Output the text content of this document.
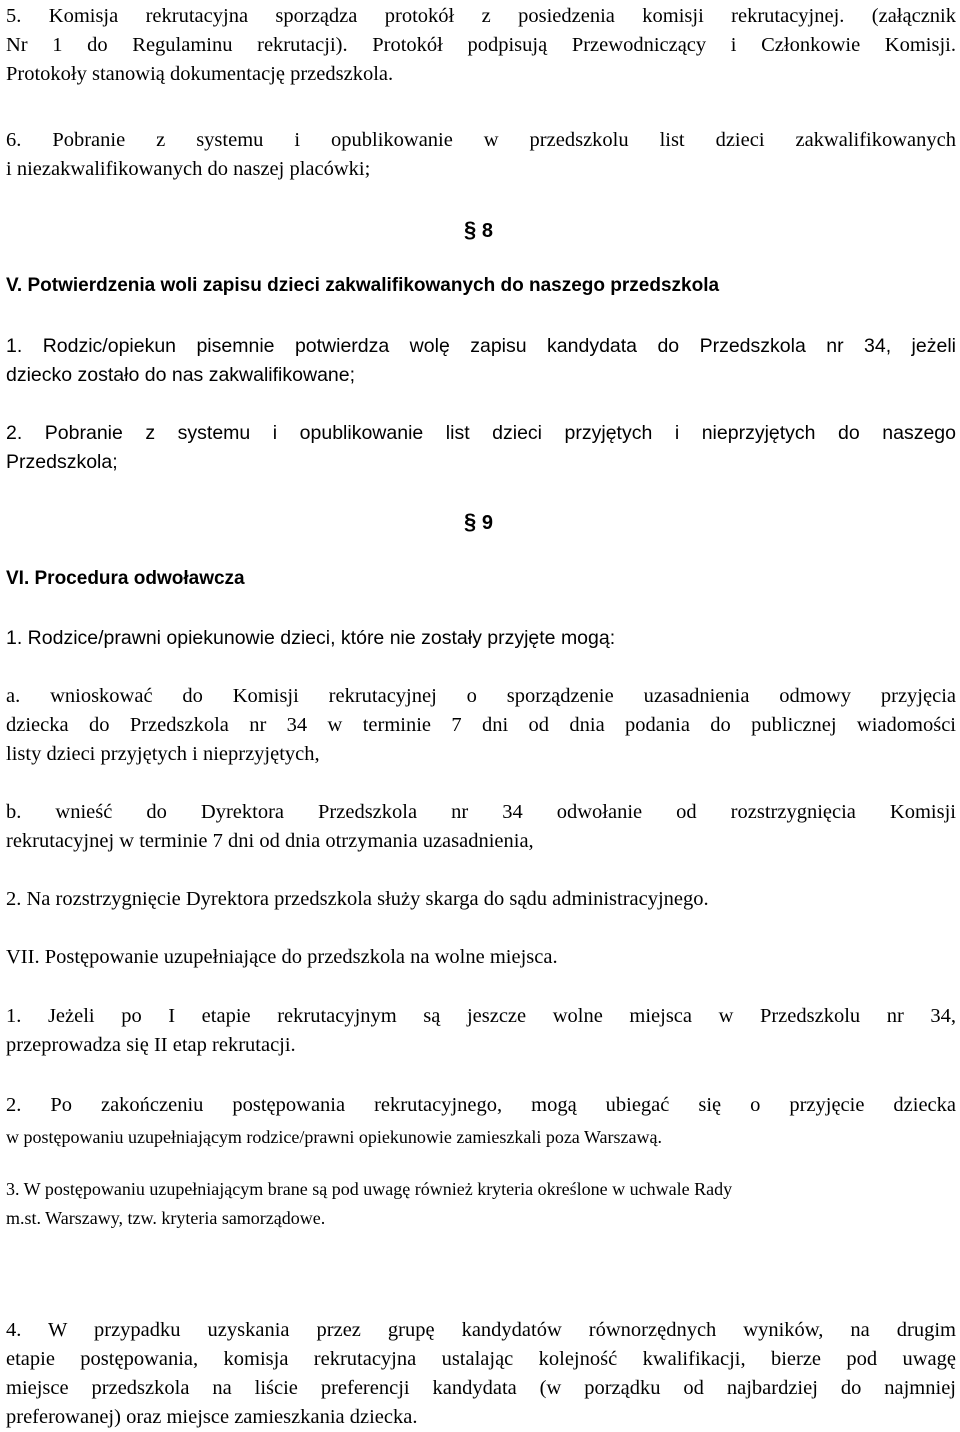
5. Komisja rekrutacyjna sporządza protokół z posiedzenia komisji rekrutacyjnej. (załącznik
Nr 1 do Regulaminu rekrutacji). Protokół podpisują Przewodniczący i Członkowie Komisji.
Protokoły stanowią dokumentację przedszkola.
6. Pobranie z systemu i opublikowanie w przedszkolu list dzieci zakwalifikowanych
i niezakwalifikowanych do naszej placówki;
§ 8
V. Potwierdzenia woli zapisu dzieci zakwalifikowanych do naszego przedszkola
1. Rodzic/opiekun pisemnie potwierdza wolę zapisu kandydata do Przedszkola nr 34, jeżeli
dziecko zostało do nas zakwalifikowane;
2. Pobranie z systemu i opublikowanie list dzieci przyjętych i nieprzyjętych do naszego
Przedszkola;
§ 9
VI. Procedura odwoławcza
1. Rodzice/prawni opiekunowie dzieci, które nie zostały przyjęte mogą:
a. wnioskować do Komisji rekrutacyjnej o sporządzenie uzasadnienia odmowy przyjęcia
dziecka do Przedszkola nr 34 w terminie 7 dni od dnia podania do publicznej wiadomości
listy dzieci przyjętych i nieprzyjętych,
b. wnieść do Dyrektora Przedszkola nr 34 odwołanie od rozstrzygnięcia Komisji
rekrutacyjnej w terminie 7 dni od dnia otrzymania uzasadnienia,
2. Na rozstrzygnięcie Dyrektora przedszkola służy skarga do sądu administracyjnego.
VII. Postępowanie uzupełniające do przedszkola na wolne miejsca.
1. Jeżeli po I etapie rekrutacyjnym są jeszcze wolne miejsca w Przedszkolu nr 34,
przeprowadza się II etap rekrutacji.
2. Po zakończeniu postępowania rekrutacyjnego, mogą ubiegać się o przyjęcie dziecka
w postępowaniu uzupełniającym rodzice/prawni opiekunowie zamieszkali poza Warszawą.
3. W postępowaniu uzupełniającym brane są pod uwagę również kryteria określone w uchwale Rady
m.st. Warszawy, tzw. kryteria samorządowe.
4. W przypadku uzyskania przez grupę kandydatów równorzędnych wyników, na drugim
etapie postępowania, komisja rekrutacyjna ustalając kolejność kwalifikacji, bierze pod uwagę
miejsce przedszkola na liście preferencji kandydata (w porządku od najbardziej do najmniej
preferowanej) oraz miejsce zamieszkania dziecka.
